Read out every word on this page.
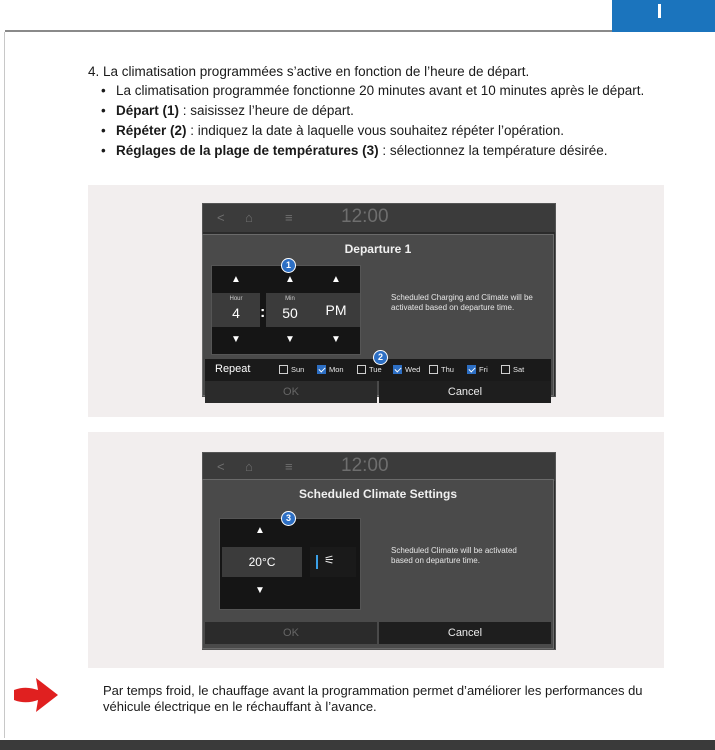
4. La climatisation programmées s’active en fonction de l’heure de départ.
• La climatisation programmée fonctionne 20 minutes avant et 10 minutes après le départ.
• Départ (1) : saisissez l’heure de départ.
• Répéter (2) : indiquez la date à laquelle vous souhaitez répéter l’opération.
• Réglages de la plage de températures (3) : sélectionnez la température désirée.
< ⌂ ≡	12:00
Departure 1
▲
Hour
4
▼
:
▲
Min
50
▼
▲
PM
▼
1
Scheduled Charging and Climate will be activated based on departure time.
Repeat	Sun	Mon	Tue	Wed	Thu	Fri	Sat
2
OK	Cancel
< ⌂ ≡	12:00
Scheduled Climate Settings
▲
20°C
▼
⚟
3
Scheduled Climate will be activated based on departure time.
OK	Cancel
Par temps froid, le chauffage avant la programmation permet d’améliorer les performances du véhicule électrique en le réchauffant à l’avance.
